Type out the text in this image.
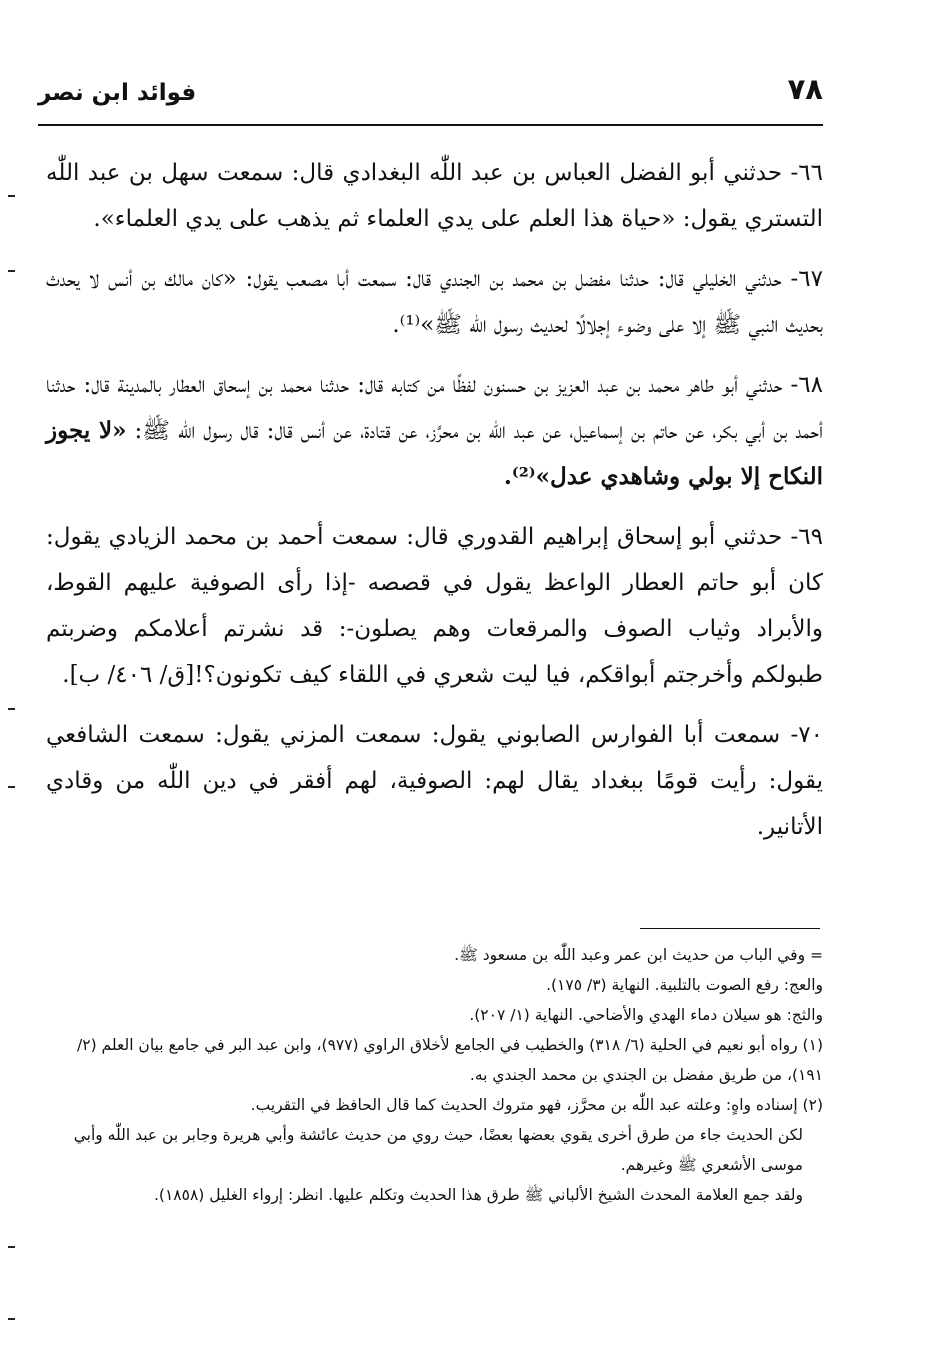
٧٨
فوائد ابن نصر

٦٦- حدثني أبو الفضل العباس بن عبد اللّٰه البغدادي قال: سمعت سهل بن عبد اللّٰه التستري يقول: «حياة هذا العلم على يدي العلماء ثم يذهب على يدي العلماء».

٦٧- حدثني الخليلي قال: حدثنا مفضل بن محمد بن الجندي قال: سمعت أبا مصعب يقول: «كان مالك بن أنس لا يحدث بحديث النبي ﷺ إلا على وضوء إجلالًا لحديث رسول اللّٰه ﷺ»⁽¹⁾.

٦٨- حدثني أبو طاهر محمد بن عبد العزيز بن حسنون لفظًا من كتابه قال: حدثنا محمد بن إسحاق العطار بالمدينة قال: حدثنا أحمد بن أبي بكر، عن حاتم بن إسماعيل، عن عبد اللّٰه بن محرَّز، عن قتادة، عن أنس قال: قال رسول اللّٰه ﷺ: «لا يجوز النكاح إلا بولي وشاهدي عدل»⁽²⁾.

٦٩- حدثني أبو إسحاق إبراهيم القدوري قال: سمعت أحمد بن محمد الزيادي يقول: كان أبو حاتم العطار الواعظ يقول في قصصه -إذا رأى الصوفية عليهم القوط، والأبراد وثياب الصوف والمرقعات وهم يصلون-: قد نشرتم أعلامكم وضربتم طبولكم وأخرجتم أبواقكم، فيا ليت شعري في اللقاء كيف تكونون؟![ق/ ٤٠٦/ ب].

٧٠- سمعت أبا الفوارس الصابوني يقول: سمعت المزني يقول: سمعت الشافعي يقول: رأيت قومًا ببغداد يقال لهم: الصوفية، لهم أفقر في دين اللّٰه من وقادي الأتانير.

= وفي الباب من حديث ابن عمر وعبد اللّٰه بن مسعود ﷺ.

والعج: رفع الصوت بالتلبية. النهاية (٣/ ١٧٥).

والثج: هو سيلان دماء الهدي والأضاحي. النهاية (١/ ٢٠٧).

(١) رواه أبو نعيم في الحلية (٦/ ٣١٨) والخطيب في الجامع لأخلاق الراوي (٩٧٧)، وابن عبد البر في جامع بيان العلم (٢/ ١٩١)، من طريق مفضل بن الجندي بن محمد الجندي به.

(٢) إسناده واهٍ: وعلته عبد اللّٰه بن محرَّز، فهو متروك الحديث كما قال الحافظ في التقريب.

لكن الحديث جاء من طرق أخرى يقوي بعضها بعضًا، حيث روي من حديث عائشة وأبي هريرة وجابر بن عبد اللّٰه وأبي موسى الأشعري ﷺ وغيرهم.

ولقد جمع العلامة المحدث الشيخ الألباني ﷺ طرق هذا الحديث وتكلم عليها. انظر: إرواء الغليل (١٨٥٨).
